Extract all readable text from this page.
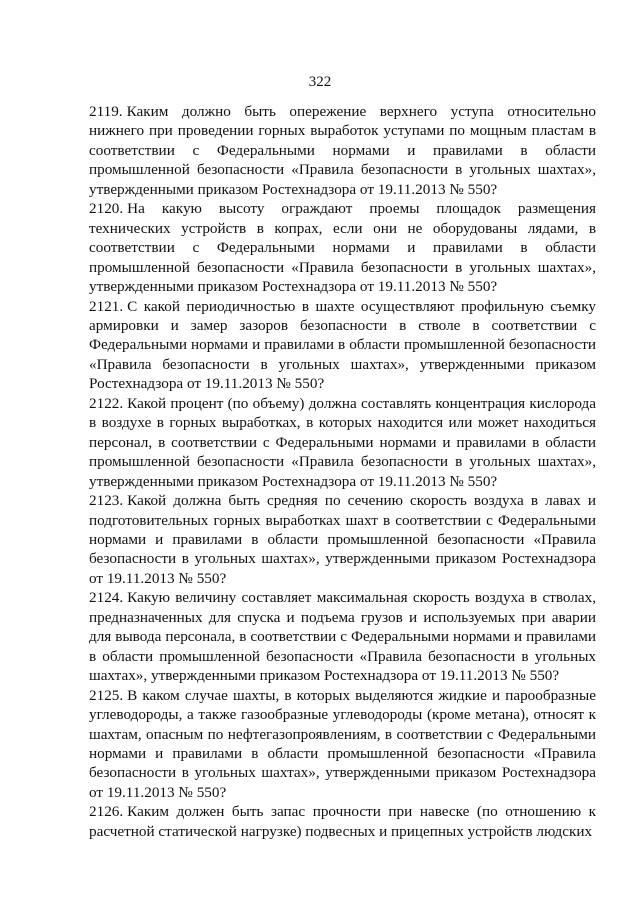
322

2119. Каким должно быть опережение верхнего уступа относительно нижнего при проведении горных выработок уступами по мощным пластам в соответствии с Федеральными нормами и правилами в области промышленной безопасности «Правила безопасности в угольных шахтах», утвержденными приказом Ростехнадзора от 19.11.2013 № 550?

2120. На какую высоту ограждают проемы площадок размещения технических устройств в копрах, если они не оборудованы лядами, в соответствии с Федеральными нормами и правилами в области промышленной безопасности «Правила безопасности в угольных шахтах», утвержденными приказом Ростехнадзора от 19.11.2013 № 550?

2121. С какой периодичностью в шахте осуществляют профильную съемку армировки и замер зазоров безопасности в стволе в соответствии с Федеральными нормами и правилами в области промышленной безопасности «Правила безопасности в угольных шахтах», утвержденными приказом Ростехнадзора от 19.11.2013 № 550?

2122. Какой процент (по объему) должна составлять концентрация кислорода в воздухе в горных выработках, в которых находится или может находиться персонал, в соответствии с Федеральными нормами и правилами в области промышленной безопасности «Правила безопасности в угольных шахтах», утвержденными приказом Ростехнадзора от 19.11.2013 № 550?

2123. Какой должна быть средняя по сечению скорость воздуха в лавах и подготовительных горных выработках шахт в соответствии с Федеральными нормами и правилами в области промышленной безопасности «Правила безопасности в угольных шахтах», утвержденными приказом Ростехнадзора от 19.11.2013 № 550?

2124. Какую величину составляет максимальная скорость воздуха в стволах, предназначенных для спуска и подъема грузов и используемых при аварии для вывода персонала, в соответствии с Федеральными нормами и правилами в области промышленной безопасности «Правила безопасности в угольных шахтах», утвержденными приказом Ростехнадзора от 19.11.2013 № 550?

2125. В каком случае шахты, в которых выделяются жидкие и парообразные углеводороды, а также газообразные углеводороды (кроме метана), относят к шахтам, опасным по нефтегазопроявлениям, в соответствии с Федеральными нормами и правилами в области промышленной безопасности «Правила безопасности в угольных шахтах», утвержденными приказом Ростехнадзора от 19.11.2013 № 550?

2126. Каким должен быть запас прочности при навеске (по отношению к расчетной статической нагрузке) подвесных и прицепных устройств людских
